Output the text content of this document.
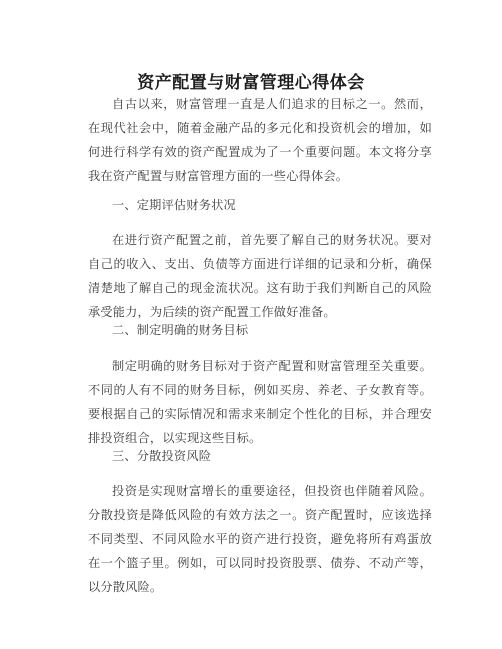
资产配置与财富管理心得体会

自古以来，财富管理一直是人们追求的目标之一。然而，在现代社会中，随着金融产品的多元化和投资机会的增加，如何进行科学有效的资产配置成为了一个重要问题。本文将分享我在资产配置与财富管理方面的一些心得体会。

一、定期评估财务状况

在进行资产配置之前，首先要了解自己的财务状况。要对自己的收入、支出、负债等方面进行详细的记录和分析，确保清楚地了解自己的现金流状况。这有助于我们判断自己的风险承受能力，为后续的资产配置工作做好准备。

二、制定明确的财务目标

制定明确的财务目标对于资产配置和财富管理至关重要。不同的人有不同的财务目标，例如买房、养老、子女教育等。要根据自己的实际情况和需求来制定个性化的目标，并合理安排投资组合，以实现这些目标。

三、分散投资风险

投资是实现财富增长的重要途径，但投资也伴随着风险。分散投资是降低风险的有效方法之一。资产配置时，应该选择不同类型、不同风险水平的资产进行投资，避免将所有鸡蛋放在一个篮子里。例如，可以同时投资股票、债券、不动产等，以分散风险。
